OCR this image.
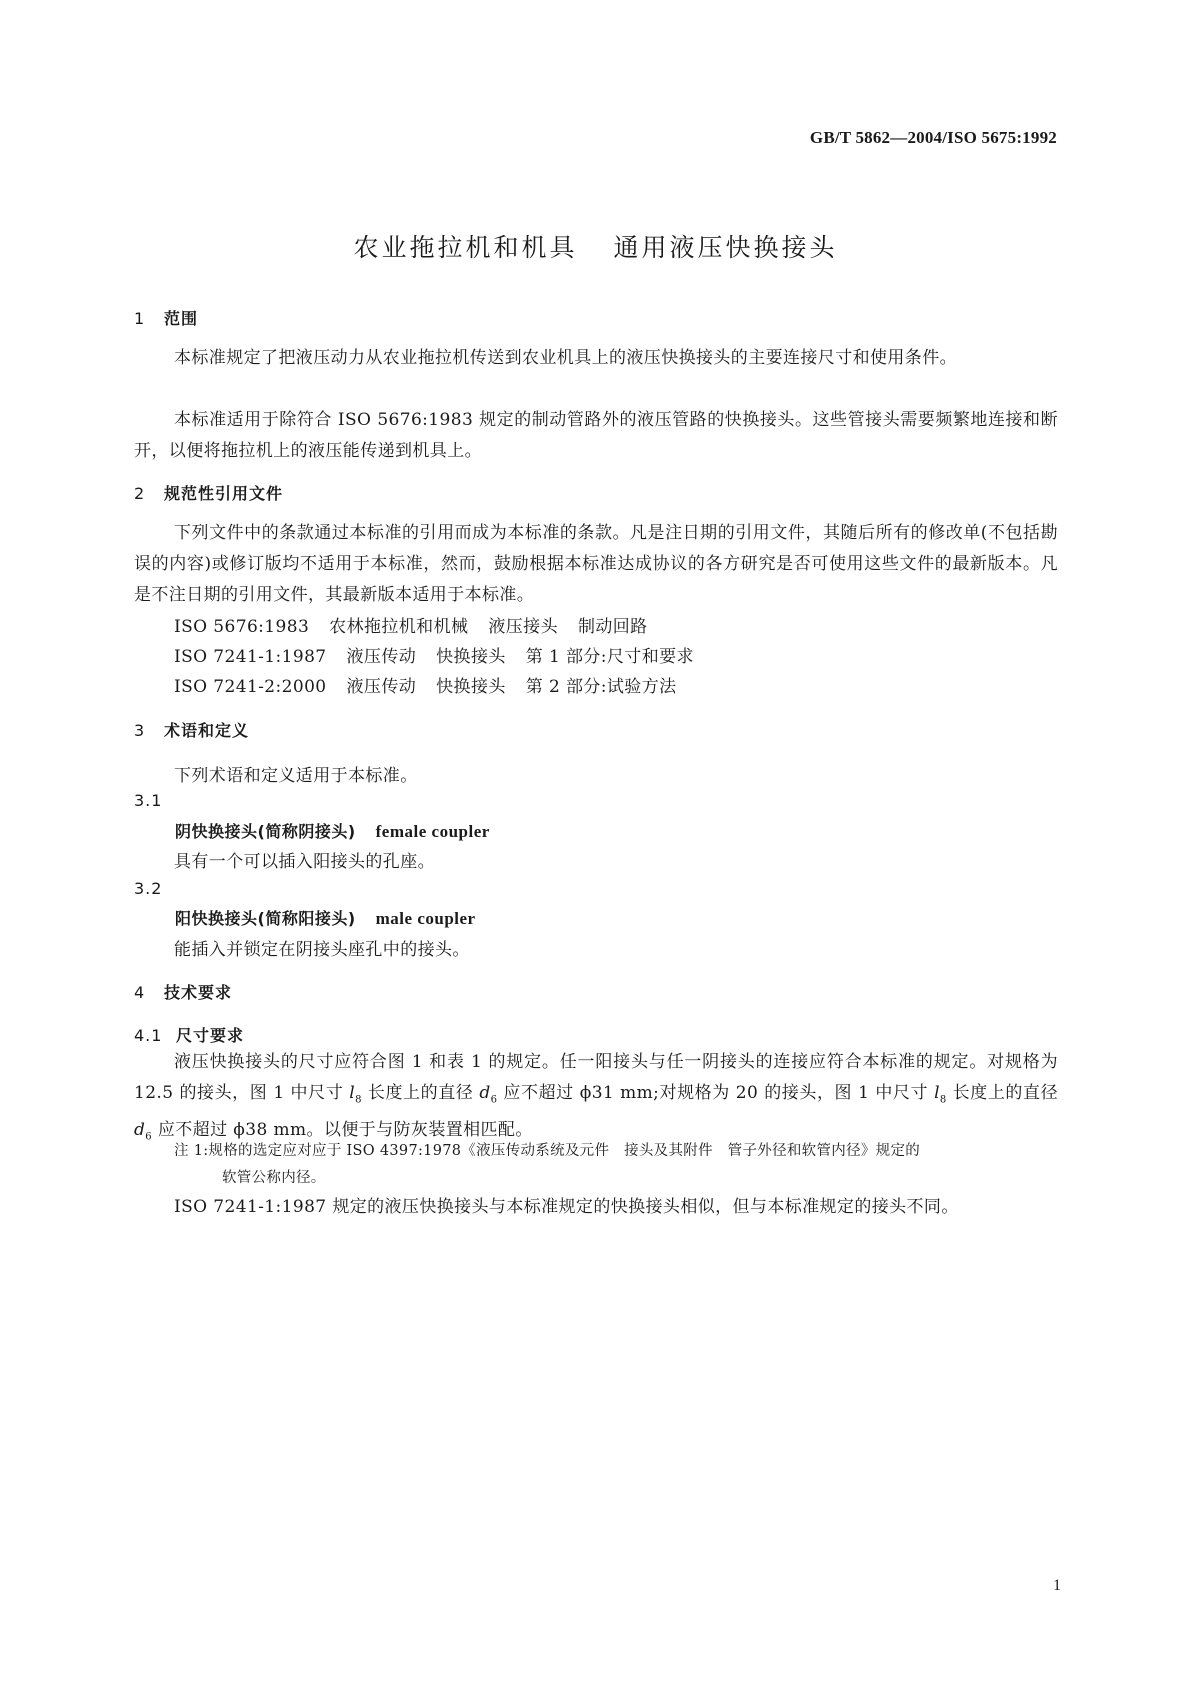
GB/T 5862—2004/ISO 5675:1992
农业拖拉机和机具 通用液压快换接头
1 范围
本标准规定了把液压动力从农业拖拉机传送到农业机具上的液压快换接头的主要连接尺寸和使用条件。
本标准适用于除符合 ISO 5676:1983 规定的制动管路外的液压管路的快换接头。这些管接头需要频繁地连接和断开，以便将拖拉机上的液压能传递到机具上。
2 规范性引用文件
下列文件中的条款通过本标准的引用而成为本标准的条款。凡是注日期的引用文件，其随后所有的修改单(不包括勘误的内容)或修订版均不适用于本标准，然而，鼓励根据本标准达成协议的各方研究是否可使用这些文件的最新版本。凡是不注日期的引用文件，其最新版本适用于本标准。
ISO 5676:1983 农林拖拉机和机械 液压接头 制动回路
ISO 7241-1:1987 液压传动 快换接头 第 1 部分:尺寸和要求
ISO 7241-2:2000 液压传动 快换接头 第 2 部分:试验方法
3 术语和定义
下列术语和定义适用于本标准。
3.1
阴快换接头(简称阴接头) female coupler
具有一个可以插入阳接头的孔座。
3.2
阳快换接头(简称阳接头) male coupler
能插入并锁定在阴接头座孔中的接头。
4 技术要求
4.1 尺寸要求
液压快换接头的尺寸应符合图 1 和表 1 的规定。任一阳接头与任一阴接头的连接应符合本标准的规定。对规格为 12.5 的接头，图 1 中尺寸 $l_8$ 长度上的直径 $d_6$ 应不超过 ϕ31 mm;对规格为 20 的接头，图 1 中尺寸 $l_8$ 长度上的直径 $d_6$ 应不超过 ϕ38 mm。以便于与防灰装置相匹配。
注 1:规格的选定应对应于 ISO 4397:1978《液压传动系统及元件　接头及其附件　管子外径和软管内径》规定的
软管公称内径。
ISO 7241-1:1987 规定的液压快换接头与本标准规定的快换接头相似，但与本标准规定的接头不同。
1
